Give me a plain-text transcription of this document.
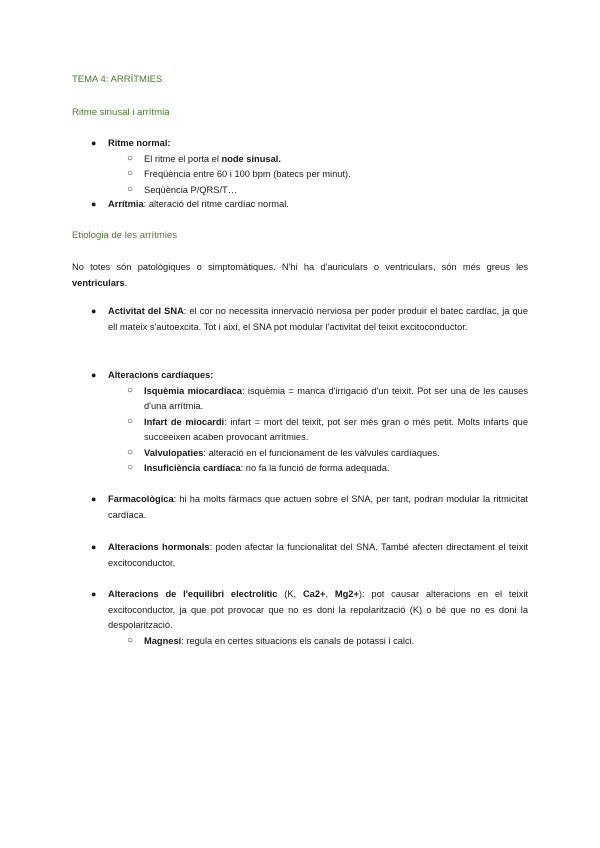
TEMA 4: ARRÍTMIES
Ritme sinusal i arrítmia
● Ritme normal:
○ El ritme el porta el node sinusal.
○ Freqüència entre 60 i 100 bpm (batecs per minut).
○ Seqüència P/QRS/T…
● Arrítmia: alteració del ritme cardíac normal.
Etiologia de les arrítmies
No totes són patològiques o simptomàtiques. N'hi ha d'auriculars o ventriculars, són més greus les ventriculars.
● Activitat del SNA: el cor no necessita innervació nerviosa per poder produir el batec cardíac, ja que ell mateix s'autoexcita. Tot i així, el SNA pot modular l'activitat del teixit excitoconductor.
● Alteracions cardíaques:
○ Isquèmia miocardíaca: isquèmia = manca d'irrigació d'un teixit. Pot ser una de les causes d'una arrítmia.
○ Infart de miocardi: infart = mort del teixit, pot ser més gran o més petit. Molts infarts que succeeixen acaben provocant arrítmies.
○ Valvulopaties: alteració en el funcionament de les vàlvules cardíaques.
○ Insuficiència cardíaca: no fa la funció de forma adequada.
● Farmacològica: hi ha molts fàrmacs que actuen sobre el SNA, per tant, podran modular la ritmicitat cardíaca.
● Alteracions hormonals: poden afectar la funcionalitat del SNA. També afecten directament el teixit excitoconductor.
● Alteracions de l'equilibri electrolític (K, Ca2+, Mg2+): pot causar alteracions en el teixit excitoconductor, ja que pot provocar que no es doni la repolarització (K) o bé que no es doni la despolarització.
○ Magnesi: regula en certes situacions els canals de potassi i calci.
